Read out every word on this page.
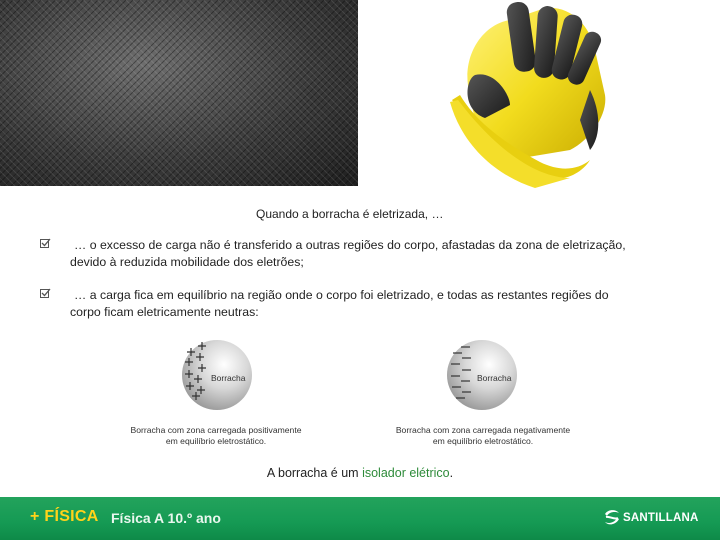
Quando a borracha é eletrizada, …
… o excesso de carga não é transferido a outras regiões do corpo, afastadas da zona de eletrização,
devido à reduzida mobilidade dos eletrões;
… a carga fica em equilíbrio na região onde o corpo foi eletrizado, e todas as restantes regiões do
corpo ficam eletricamente neutras:
Borracha	Borracha
Borracha com zona carregada positivamente
em equilíbrio eletrostático.
Borracha com zona carregada negativamente
em equilíbrio eletrostático.
A borracha é um isolador elétrico.
+ FÍSICA Física A 10.º ano	SANTILLANA
